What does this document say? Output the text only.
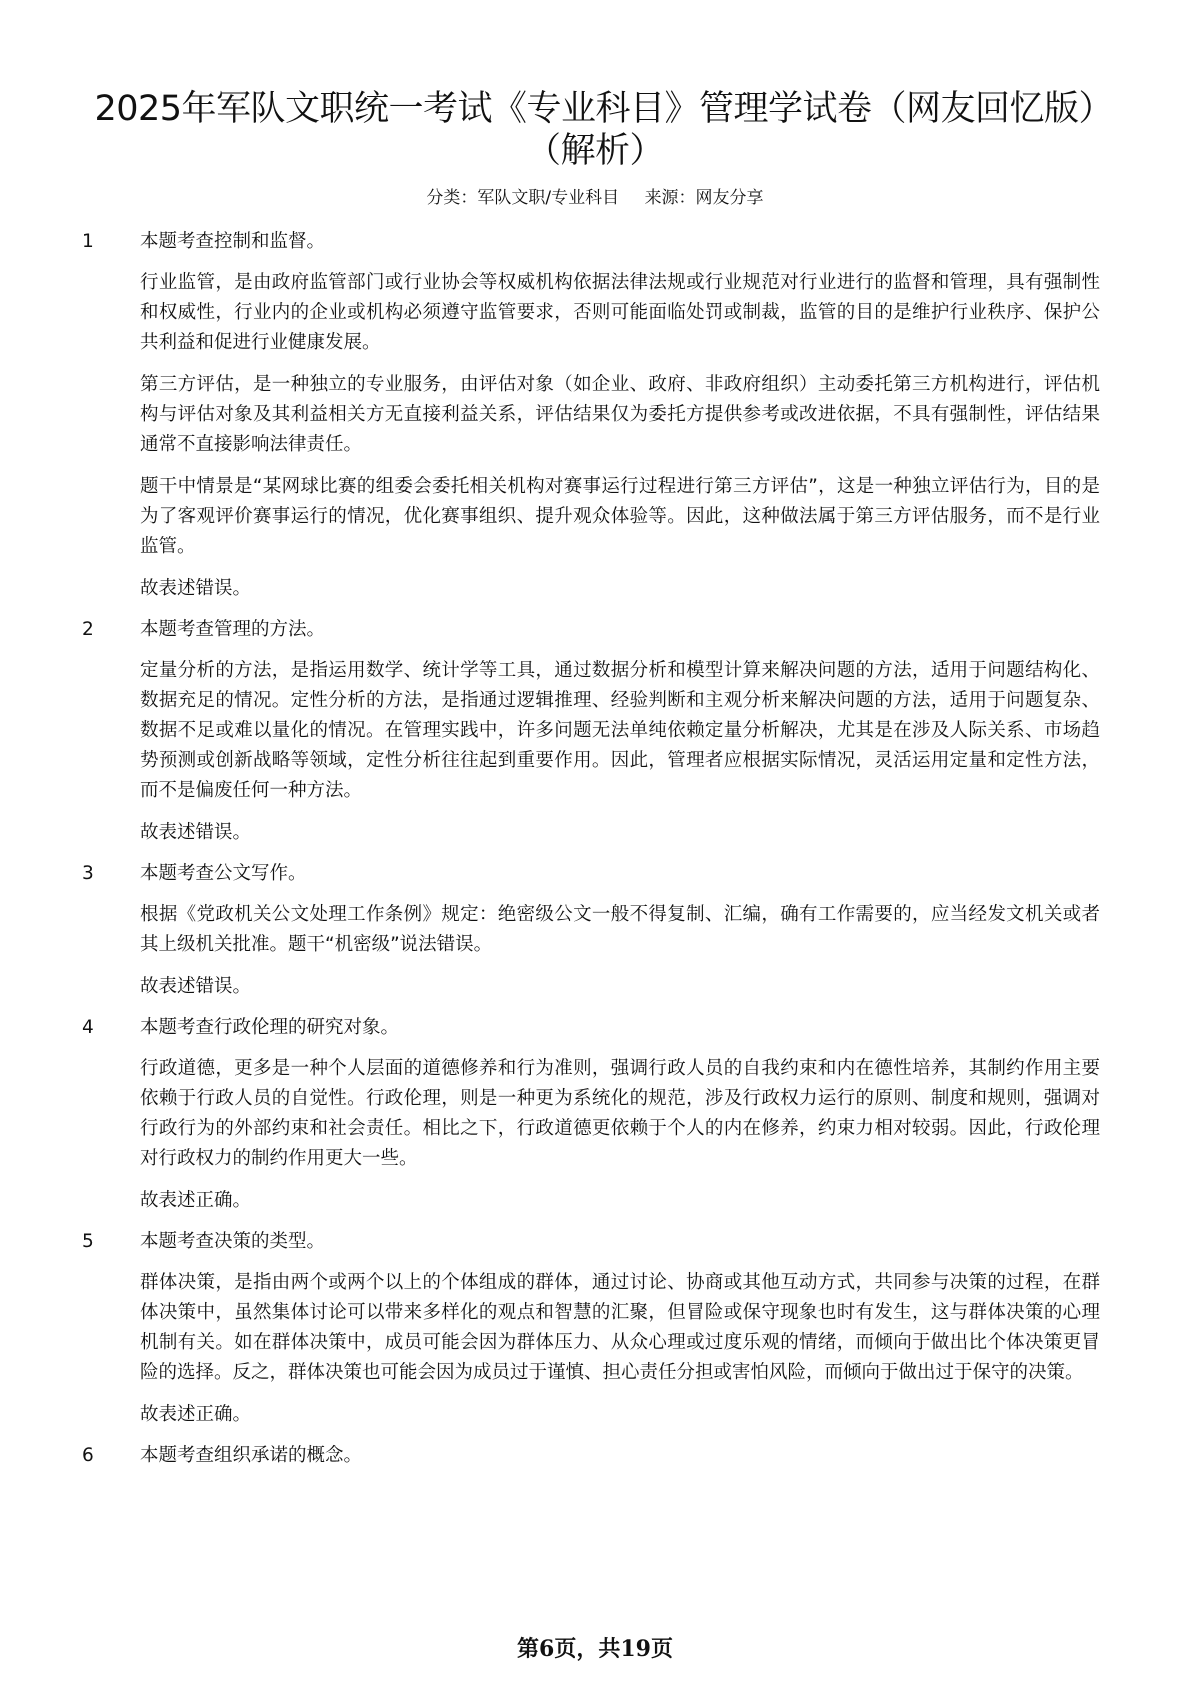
2025年军队文职统一考试《专业科目》管理学试卷（网友回忆版）（解析）
分类：军队文职/专业科目 来源：网友分享
1	本题考查控制和监督。

行业监管，是由政府监管部门或行业协会等权威机构依据法律法规或行业规范对行业进行的监督和管理，具有强制性和权威性，行业内的企业或机构必须遵守监管要求，否则可能面临处罚或制裁，监管的目的是维护行业秩序、保护公共利益和促进行业健康发展。

第三方评估，是一种独立的专业服务，由评估对象（如企业、政府、非政府组织）主动委托第三方机构进行，评估机构与评估对象及其利益相关方无直接利益关系，评估结果仅为委托方提供参考或改进依据，不具有强制性，评估结果通常不直接影响法律责任。

题干中情景是“某网球比赛的组委会委托相关机构对赛事运行过程进行第三方评估”，这是一种独立评估行为，目的是为了客观评价赛事运行的情况，优化赛事组织、提升观众体验等。因此，这种做法属于第三方评估服务，而不是行业监管。

故表述错误。

2	本题考查管理的方法。

定量分析的方法，是指运用数学、统计学等工具，通过数据分析和模型计算来解决问题的方法，适用于问题结构化、数据充足的情况。定性分析的方法，是指通过逻辑推理、经验判断和主观分析来解决问题的方法，适用于问题复杂、数据不足或难以量化的情况。在管理实践中，许多问题无法单纯依赖定量分析解决，尤其是在涉及人际关系、市场趋势预测或创新战略等领域，定性分析往往起到重要作用。因此，管理者应根据实际情况，灵活运用定量和定性方法，而不是偏废任何一种方法。

故表述错误。

3	本题考查公文写作。

根据《党政机关公文处理工作条例》规定：绝密级公文一般不得复制、汇编，确有工作需要的，应当经发文机关或者其上级机关批准。题干“机密级”说法错误。

故表述错误。

4	本题考查行政伦理的研究对象。

行政道德，更多是一种个人层面的道德修养和行为准则，强调行政人员的自我约束和内在德性培养，其制约作用主要依赖于行政人员的自觉性。行政伦理，则是一种更为系统化的规范，涉及行政权力运行的原则、制度和规则，强调对行政行为的外部约束和社会责任。相比之下，行政道德更依赖于个人的内在修养，约束力相对较弱。因此，行政伦理对行政权力的制约作用更大一些。

故表述正确。

5	本题考查决策的类型。

群体决策，是指由两个或两个以上的个体组成的群体，通过讨论、协商或其他互动方式，共同参与决策的过程，在群体决策中，虽然集体讨论可以带来多样化的观点和智慧的汇聚，但冒险或保守现象也时有发生，这与群体决策的心理机制有关。如在群体决策中，成员可能会因为群体压力、从众心理或过度乐观的情绪，而倾向于做出比个体决策更冒险的选择。反之，群体决策也可能会因为成员过于谨慎、担心责任分担或害怕风险，而倾向于做出过于保守的决策。

故表述正确。

6	本题考查组织承诺的概念。
第6页，共19页
